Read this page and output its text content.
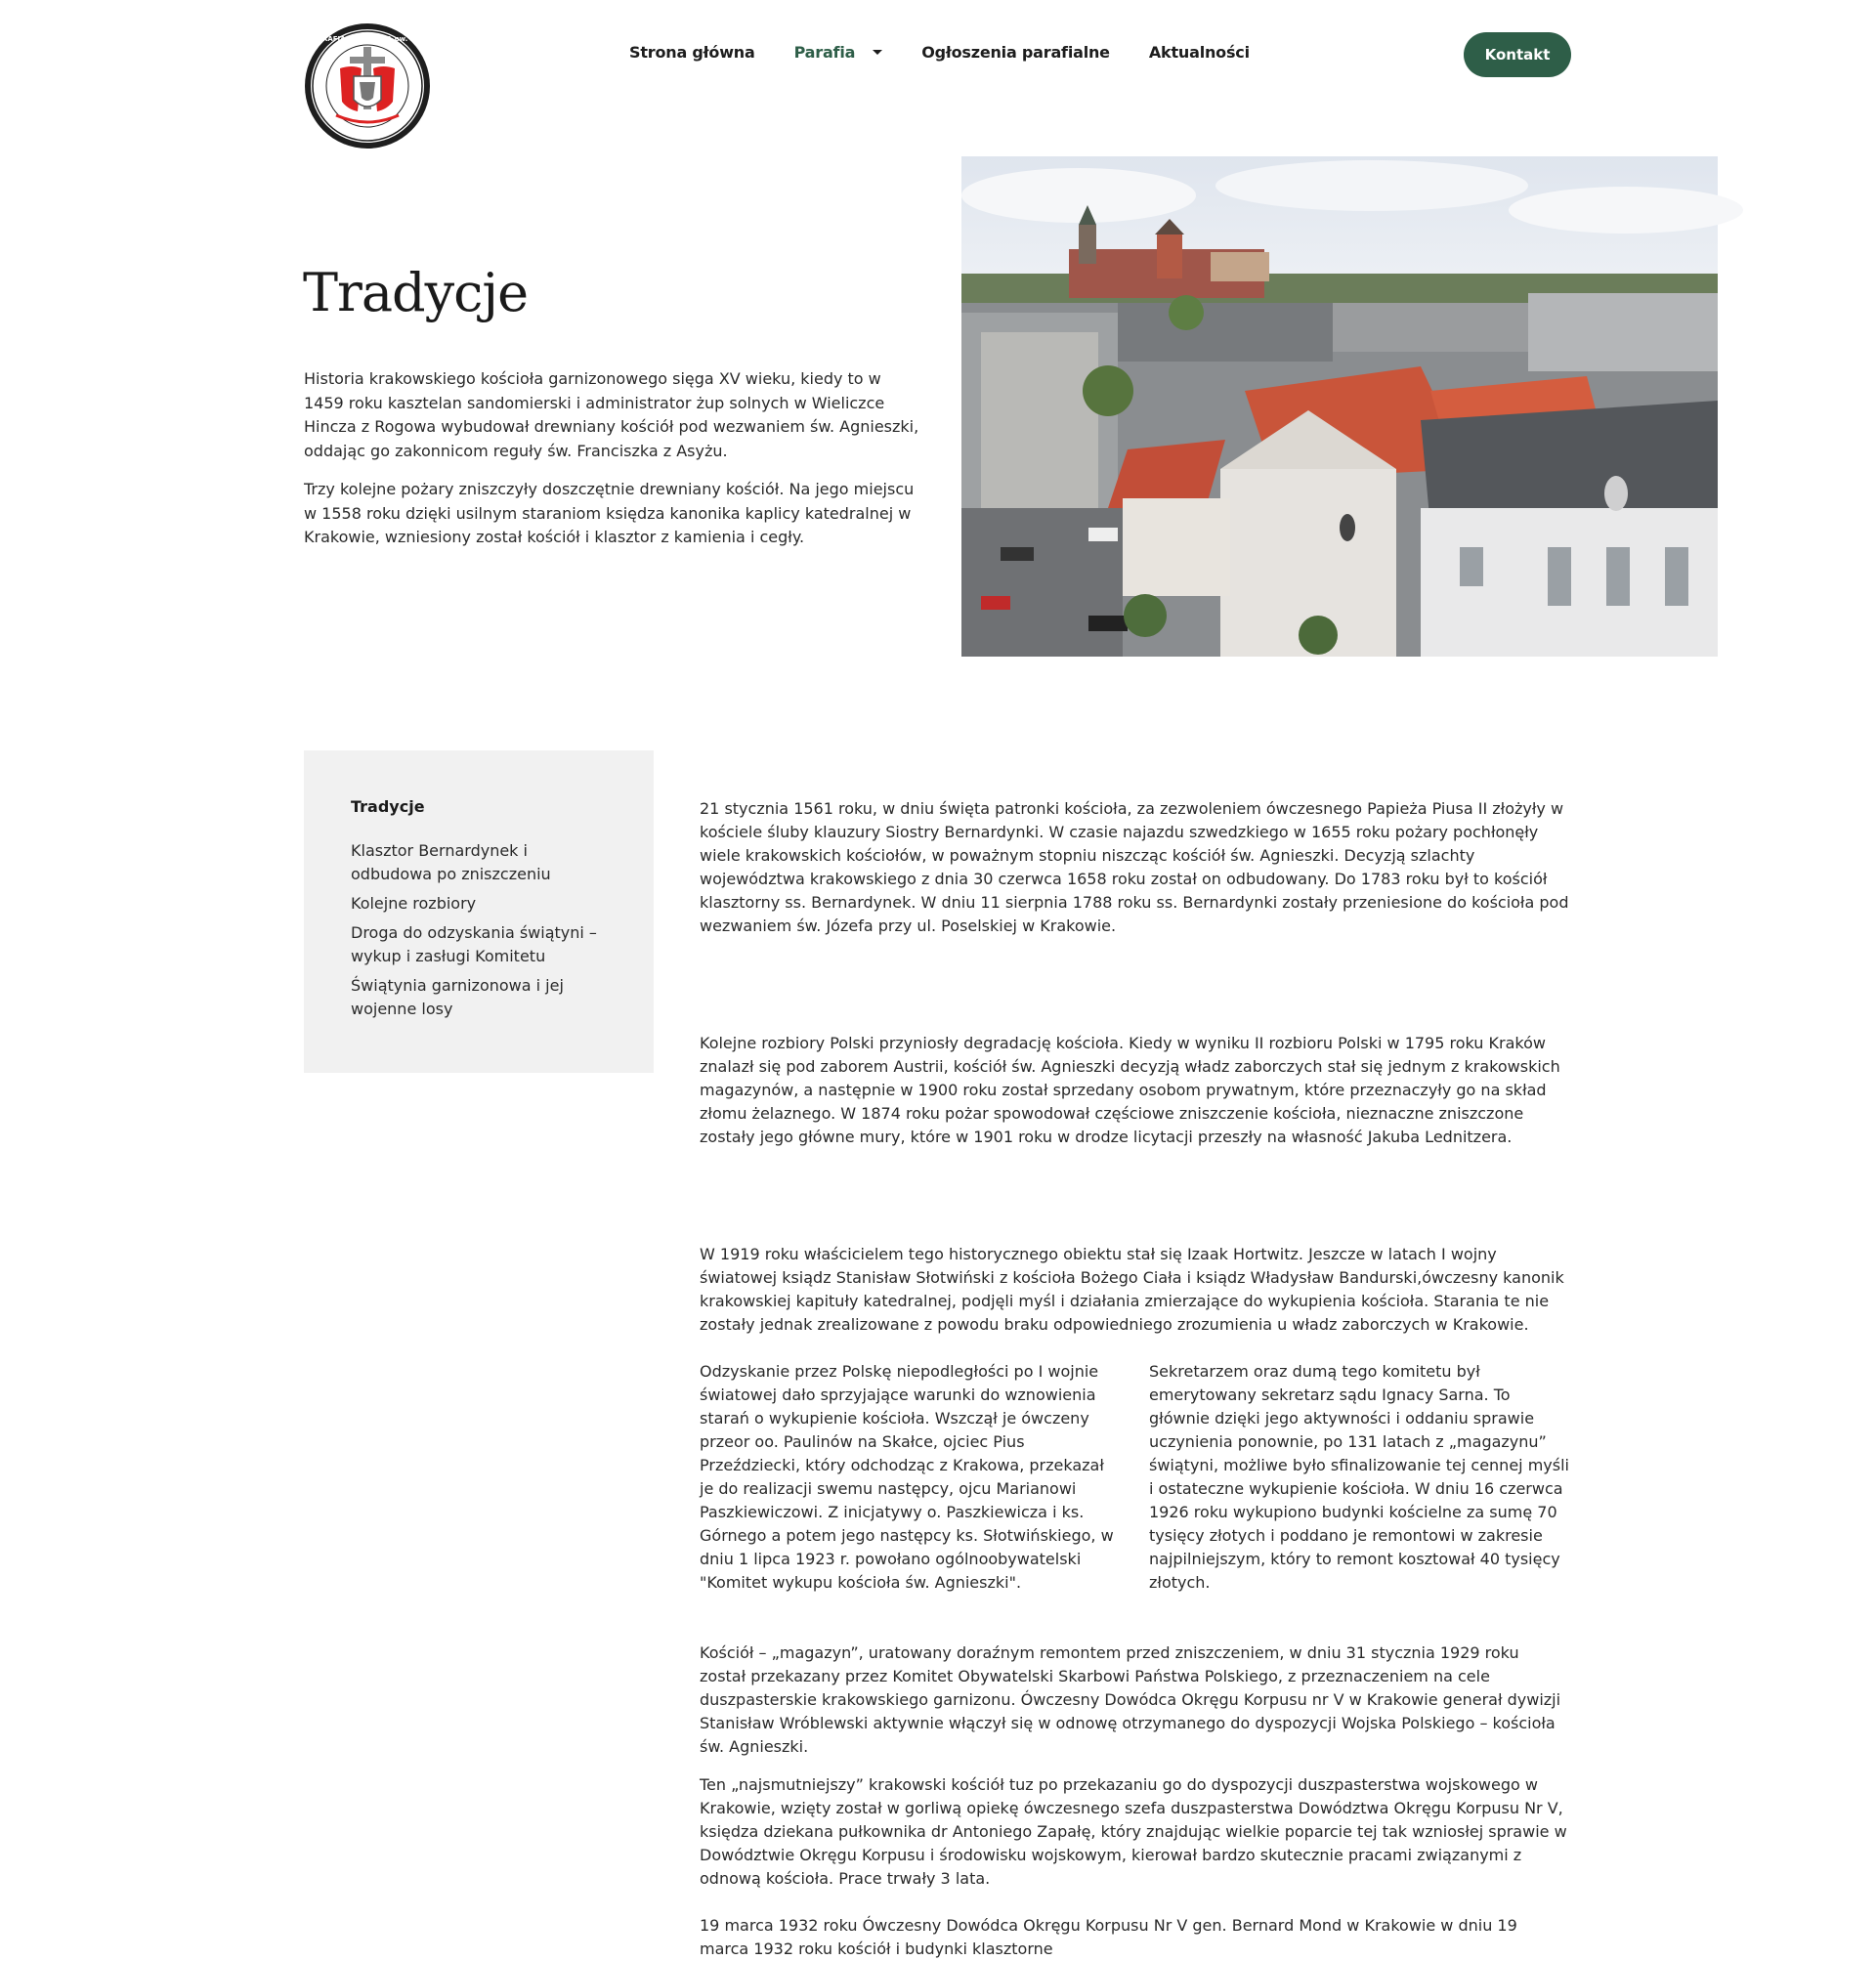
ORDYNARIAT POLOWY · PARAFIA WOJSKOWA pw. św. Agnieszki w KRAKOWIE
Strona główna	Parafia	Ogłoszenia parafialne	Aktualności	Kontakt
Tradycje

Historia krakowskiego kościoła garnizonowego sięga XV wieku, kiedy to w 1459 roku kasztelan sandomierski i administrator żup solnych w Wieliczce Hincza z Rogowa wybudował drewniany kościół pod wezwaniem św. Agnieszki, oddając go zakonnicom reguły św. Franciszka z Asyżu.

Trzy kolejne pożary zniszczyły doszczętnie drewniany kościół. Na jego miejscu w 1558 roku dzięki usilnym staraniom księdza kanonika kaplicy katedralnej w Krakowie, wzniesiony został kościół i klasztor z kamienia i cegły.

Tradycje
Klasztor Bernardynek i odbudowa po zniszczeniu
Kolejne rozbiory
Droga do odzyskania świątyni – wykup i zasługi Komitetu
Świątynia garnizonowa i jej wojenne losy

21 stycznia 1561 roku, w dniu święta patronki kościoła, za zezwoleniem ówczesnego Papieża Piusa II złożyły w kościele śluby klauzury Siostry Bernardynki. W czasie najazdu szwedzkiego w 1655 roku pożary pochłonęły wiele krakowskich kościołów, w poważnym stopniu niszcząc kościół św. Agnieszki. Decyzją szlachty województwa krakowskiego z dnia 30 czerwca 1658 roku został on odbudowany. Do 1783 roku był to kościół klasztorny ss. Bernardynek. W dniu 11 sierpnia 1788 roku ss. Bernardynki zostały przeniesione do kościoła pod wezwaniem św. Józefa przy ul. Poselskiej w Krakowie.

Kolejne rozbiory Polski przyniosły degradację kościoła. Kiedy w wyniku II rozbioru Polski w 1795 roku Kraków znalazł się pod zaborem Austrii, kościół św. Agnieszki decyzją władz zaborczych stał się jednym z krakowskich magazynów, a następnie w 1900 roku został sprzedany osobom prywatnym, które przeznaczyły go na skład złomu żelaznego. W 1874 roku pożar spowodował częściowe zniszczenie kościoła, nieznaczne zniszczone zostały jego główne mury, które w 1901 roku w drodze licytacji przeszły na własność Jakuba Lednitzera.

W 1919 roku właścicielem tego historycznego obiektu stał się Izaak Hortwitz. Jeszcze w latach I wojny światowej ksiądz Stanisław Słotwiński z kościoła Bożego Ciała i ksiądz Władysław Bandurski,ówczesny kanonik krakowskiej kapituły katedralnej, podjęli myśl i działania zmierzające do wykupienia kościoła. Starania te nie zostały jednak zrealizowane z powodu braku odpowiedniego zrozumienia u władz zaborczych w Krakowie.

Odzyskanie przez Polskę niepodległości po I wojnie światowej dało sprzyjające warunki do wznowienia starań o wykupienie kościoła. Wszczął je ówczeny przeor oo. Paulinów na Skałce, ojciec Pius Przeździecki, który odchodząc z Krakowa, przekazał je do realizacji swemu następcy, ojcu Marianowi Paszkiewiczowi. Z inicjatywy o. Paszkiewicza i ks. Górnego a potem jego następcy ks. Słotwińskiego, w dniu 1 lipca 1923 r. powołano ogólnoobywatelski "Komitet wykupu kościoła św. Agnieszki".

Sekretarzem oraz dumą tego komitetu był emerytowany sekretarz sądu Ignacy Sarna. To głównie dzięki jego aktywności i oddaniu sprawie uczynienia ponownie, po 131 latach z „magazynu” świątyni, możliwe było sfinalizowanie tej cennej myśli i ostateczne wykupienie kościoła. W dniu 16 czerwca 1926 roku wykupiono budynki kościelne za sumę 70 tysięcy złotych i poddano je remontowi w zakresie najpilniejszym, który to remont kosztował 40 tysięcy złotych.

Kościół – „magazyn”, uratowany doraźnym remontem przed zniszczeniem, w dniu 31 stycznia 1929 roku został przekazany przez Komitet Obywatelski Skarbowi Państwa Polskiego, z przeznaczeniem na cele duszpasterskie krakowskiego garnizonu. Ówczesny Dowódca Okręgu Korpusu nr V w Krakowie generał dywizji Stanisław Wróblewski aktywnie włączył się w odnowę otrzymanego do dyspozycji Wojska Polskiego – kościoła św. Agnieszki.

Ten „najsmutniejszy” krakowski kościół tuz po przekazaniu go do dyspozycji duszpasterstwa wojskowego w Krakowie, wzięty został w gorliwą opiekę ówczesnego szefa duszpasterstwa Dowództwa Okręgu Korpusu Nr V, księdza dziekana pułkownika dr Antoniego Zapałę, który znajdując wielkie poparcie tej tak wzniosłej sprawie w Dowództwie Okręgu Korpusu i środowisku wojskowym, kierował bardzo skutecznie pracami związanymi z odnową kościoła. Prace trwały 3 lata.

19 marca 1932 roku Ówczesny Dowódca Okręgu Korpusu Nr V gen. Bernard Mond w Krakowie w dniu 19 marca 1932 roku kościół i budynki klasztorne
